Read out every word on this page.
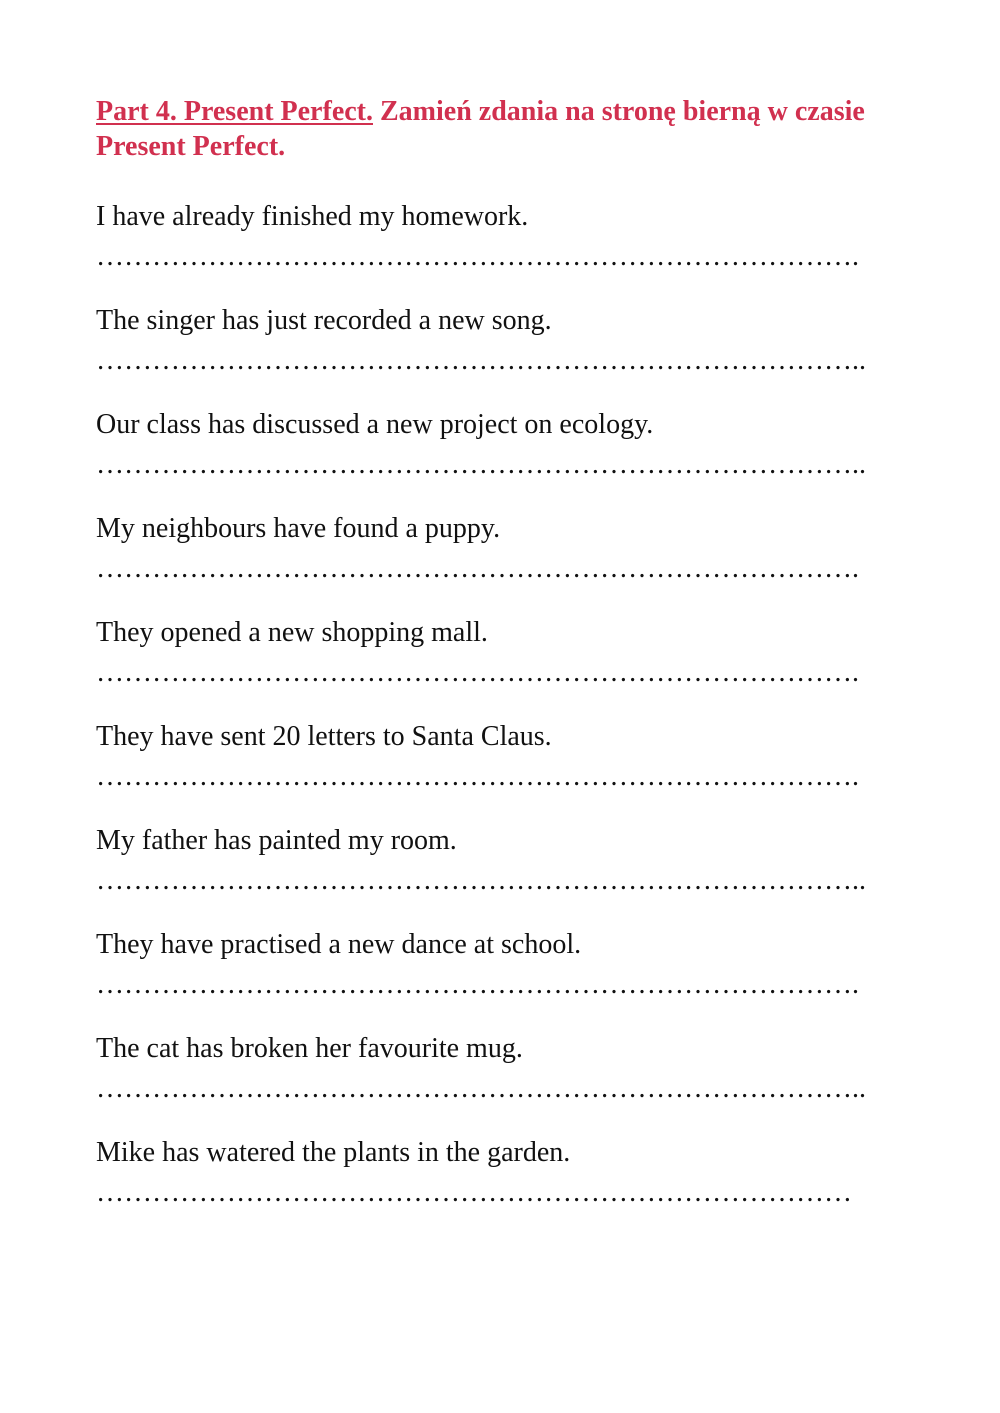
Part 4. Present Perfect. Zamień zdania na stronę bierną w czasie Present Perfect.

I have already finished my homework.
……………………………………………………………………….
The singer has just recorded a new song.
………………………………………………………………………..
Our class has discussed a new project on ecology.
………………………………………………………………………..
My neighbours have found a puppy.
……………………………………………………………………….
They opened a new shopping mall.
……………………………………………………………………….
They have sent 20 letters to Santa Claus.
……………………………………………………………………….
My father has painted my room.
………………………………………………………………………..
They have practised a new dance at school.
……………………………………………………………………….
The cat has broken her favourite mug.
………………………………………………………………………..
Mike has watered the plants in the garden.
………………………………………………………………………
